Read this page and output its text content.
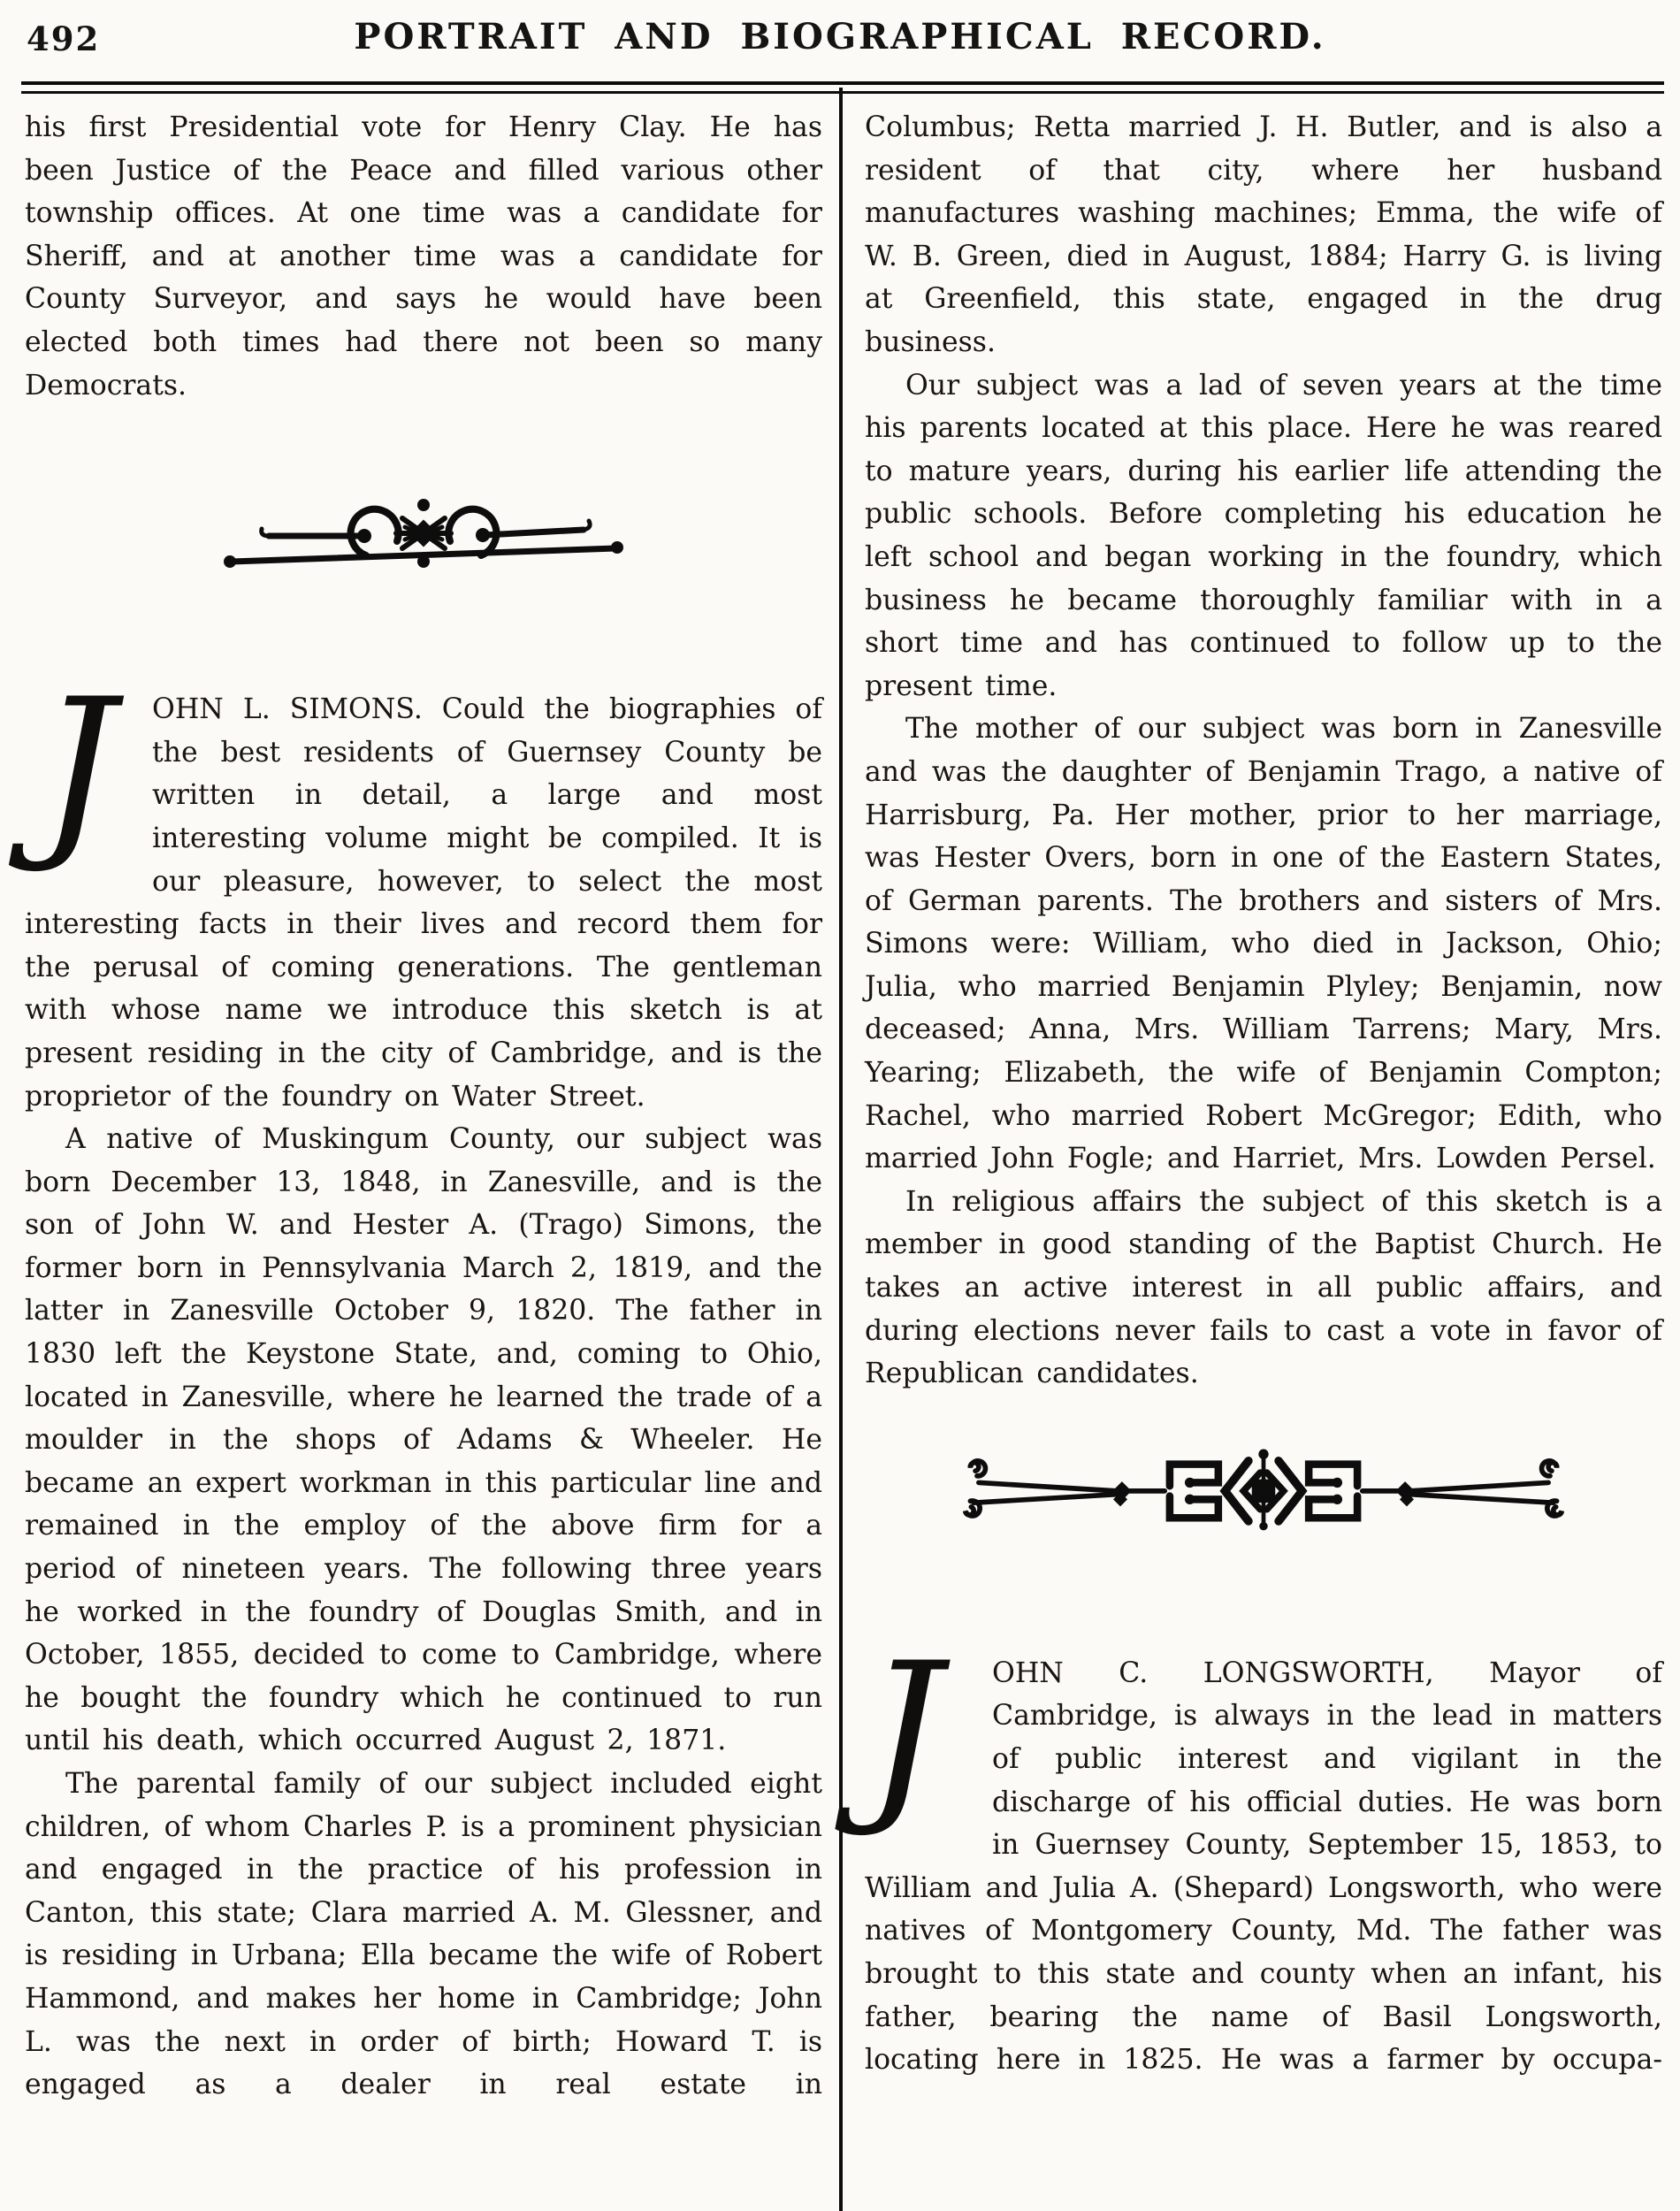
492	PORTRAIT AND BIOGRAPHICAL RECORD.

his first Presidential vote for Henry Clay. He has been Justice of the Peace and filled various other township offices. At one time was a candidate for Sheriff, and at another time was a candidate for County Surveyor, and says he would have been elected both times had there not been so many Democrats.

J	OHN L. SIMONS. Could the biographies of the best residents of Guernsey County be written in detail, a large and most interesting volume might be compiled. It is our pleasure, however, to select the most interesting facts in their lives and record them for the perusal of coming generations. The gentleman with whose name we introduce this sketch is at present residing in the city of Cambridge, and is the proprietor of the foundry on Water Street.

A native of Muskingum County, our subject was born December 13, 1848, in Zanesville, and is the son of John W. and Hester A. (Trago) Simons, the former born in Pennsylvania March 2, 1819, and the latter in Zanesville October 9, 1820. The father in 1830 left the Keystone State, and, coming to Ohio, located in Zanesville, where he learned the trade of a moulder in the shops of Adams & Wheeler. He became an expert workman in this particular line and remained in the employ of the above firm for a period of nineteen years. The following three years he worked in the foundry of Douglas Smith, and in October, 1855, decided to come to Cambridge, where he bought the foundry which he continued to run until his death, which occurred August 2, 1871.

The parental family of our subject included eight children, of whom Charles P. is a prominent physician and engaged in the practice of his profession in Canton, this state; Clara married A. M. Glessner, and is residing in Urbana; Ella became the wife of Robert Hammond, and makes her home in Cambridge; John L. was the next in order of birth; Howard T. is engaged as a dealer in real estate in

Columbus; Retta married J. H. Butler, and is also a resident of that city, where her husband manufactures washing machines; Emma, the wife of W. B. Green, died in August, 1884; Harry G. is living at Greenfield, this state, engaged in the drug business.

Our subject was a lad of seven years at the time his parents located at this place. Here he was reared to mature years, during his earlier life attending the public schools. Before completing his education he left school and began working in the foundry, which business he became thoroughly familiar with in a short time and has continued to follow up to the present time.

The mother of our subject was born in Zanesville and was the daughter of Benjamin Trago, a native of Harrisburg, Pa. Her mother, prior to her marriage, was Hester Overs, born in one of the Eastern States, of German parents. The brothers and sisters of Mrs. Simons were: William, who died in Jackson, Ohio; Julia, who married Benjamin Plyley; Benjamin, now deceased; Anna, Mrs. William Tarrens; Mary, Mrs. Yearing; Elizabeth, the wife of Benjamin Compton; Rachel, who married Robert McGregor; Edith, who married John Fogle; and Harriet, Mrs. Lowden Persel.

In religious affairs the subject of this sketch is a member in good standing of the Baptist Church. He takes an active interest in all public affairs, and during elections never fails to cast a vote in favor of Republican candidates.

J	OHN C. LONGSWORTH, Mayor of Cambridge, is always in the lead in matters of public interest and vigilant in the discharge of his official duties. He was born in Guernsey County, September 15, 1853, to William and Julia A. (Shepard) Longsworth, who were natives of Montgomery County, Md. The father was brought to this state and county when an infant, his father, bearing the name of Basil Longsworth, locating here in 1825. He was a farmer by occupa-
